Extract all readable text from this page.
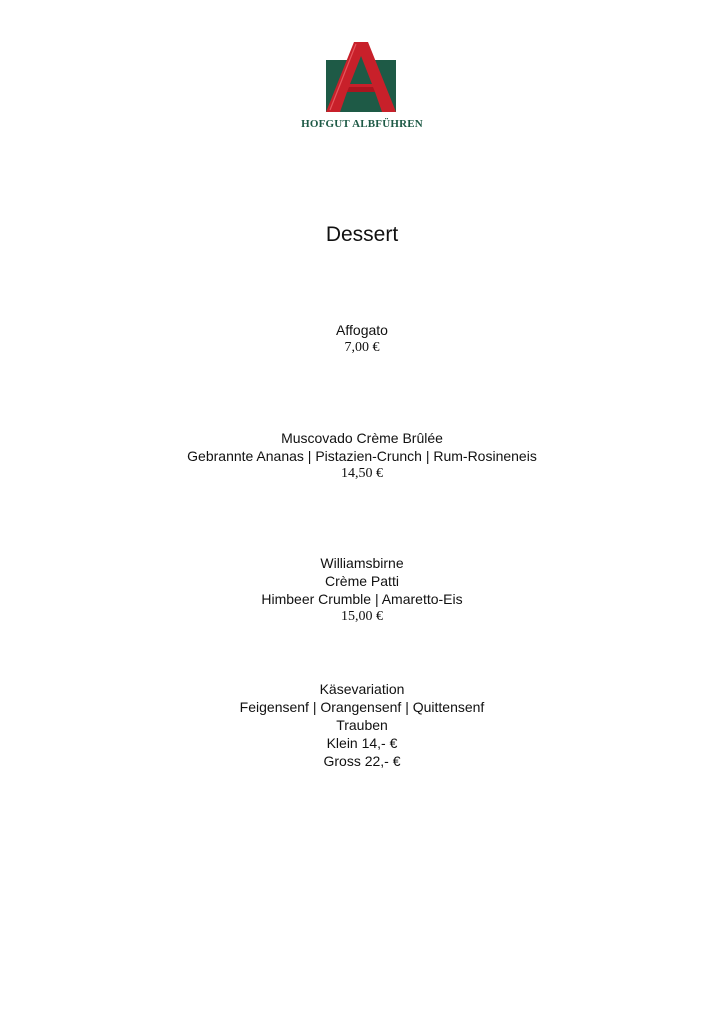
HOFGUT ALBFÜHREN
Dessert
Affogato
7,00 €
Muscovado Crème Brûlée
Gebrannte Ananas | Pistazien-Crunch | Rum-Rosineneis
14,50 €
Williamsbirne
Crème Patti
Himbeer Crumble | Amaretto-Eis
15,00 €
Käsevariation
Feigensenf | Orangensenf | Quittensenf
Trauben
Klein 14,- €
Gross 22,- €
